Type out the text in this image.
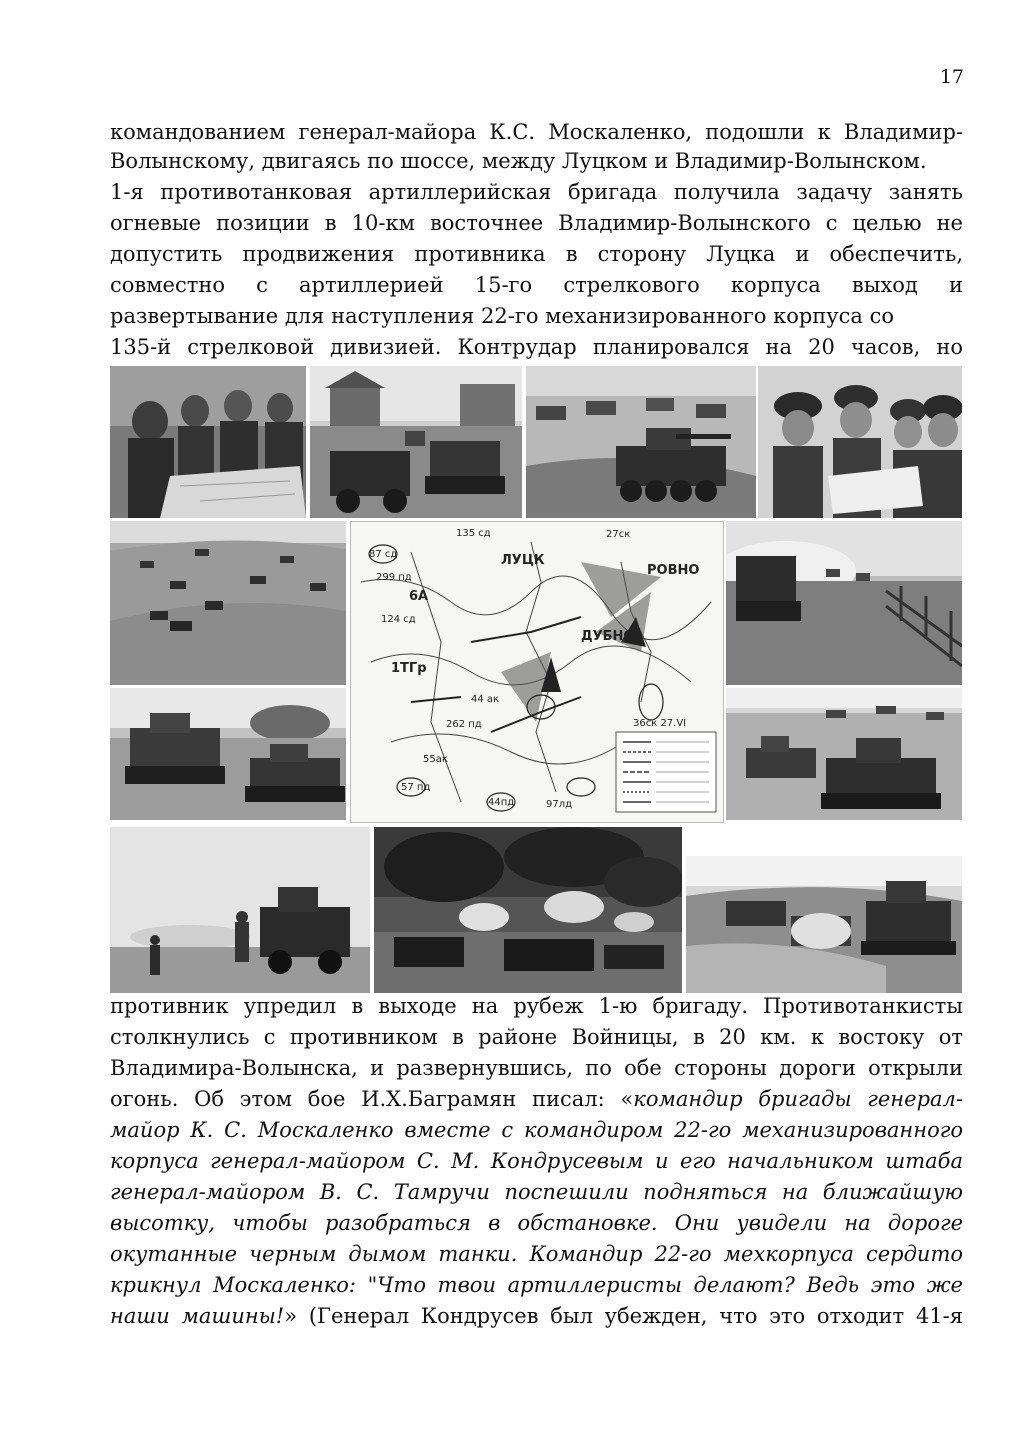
17
командованием генерал-майора К.С. Москаленко, подошли к Владимир-
Волынскому, двигаясь по шоссе, между Луцком и Владимир-Волынском.
1-я противотанковая артиллерийская бригада получила задачу занять
огневые позиции в 10-км восточнее Владимир-Волынского с целью не
допустить продвижения противника в сторону Луцка и обеспечить,
совместно с артиллерией 15-го стрелкового корпуса выход и
развертывание для наступления 22-го механизированного корпуса со
135-й стрелковой дивизией. Контрудар планировался на 20 часов, но
ЛУЦК
РОВНО
ДУБНО
6А
1ТГр
44 ак
27ск
55ак
135 сд
87 сд
299 пд
124 сд
262 пд
97лд
57 пд
44пд
36ск 27.VI
противник упредил в выходе на рубеж 1-ю бригаду. Противотанкисты
столкнулись с противником в районе Войницы, в 20 км. к востоку от
Владимира-Волынска, и развернувшись, по обе стороны дороги открыли
огонь. Об этом бое И.Х.Баграмян писал: «командир бригады генерал-
майор К. С. Москаленко вместе с командиром 22-го механизированного
корпуса генерал-майором С. М. Кондрусевым и его начальником штаба
генерал-майором В. С. Тамручи поспешили подняться на ближайшую
высотку, чтобы разобраться в обстановке. Они увидели на дороге
окутанные черным дымом танки. Командир 22-го мехкорпуса сердито
крикнул Москаленко: "Что твои артиллеристы делают? Ведь это же
наши машины!» (Генерал Кондрусев был убежден, что это отходит 41-я
